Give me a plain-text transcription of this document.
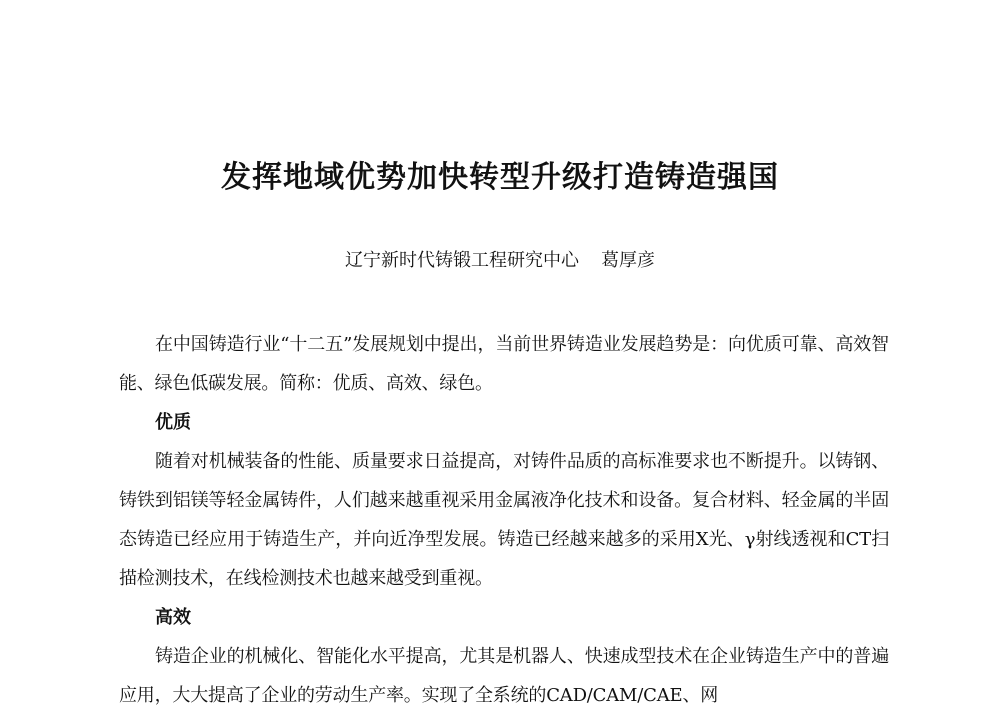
发挥地域优势加快转型升级打造铸造强国
辽宁新时代铸锻工程研究中心 葛厚彦

在中国铸造行业“十二五”发展规划中提出，当前世界铸造业发展趋势是：向优质可靠、高效智能、绿色低碳发展。简称：优质、高效、绿色。

优质

随着对机械装备的性能、质量要求日益提高，对铸件品质的高标准要求也不断提升。以铸钢、铸铁到铝镁等轻金属铸件，人们越来越重视采用金属液净化技术和设备。复合材料、轻金属的半固态铸造已经应用于铸造生产，并向近净型发展。铸造已经越来越多的采用X光、γ射线透视和CT扫描检测技术，在线检测技术也越来越受到重视。

高效

铸造企业的机械化、智能化水平提高，尤其是机器人、快速成型技术在企业铸造生产中的普遍应用，大大提高了企业的劳动生产率。实现了全系统的CAD/CAM/CAE、网
